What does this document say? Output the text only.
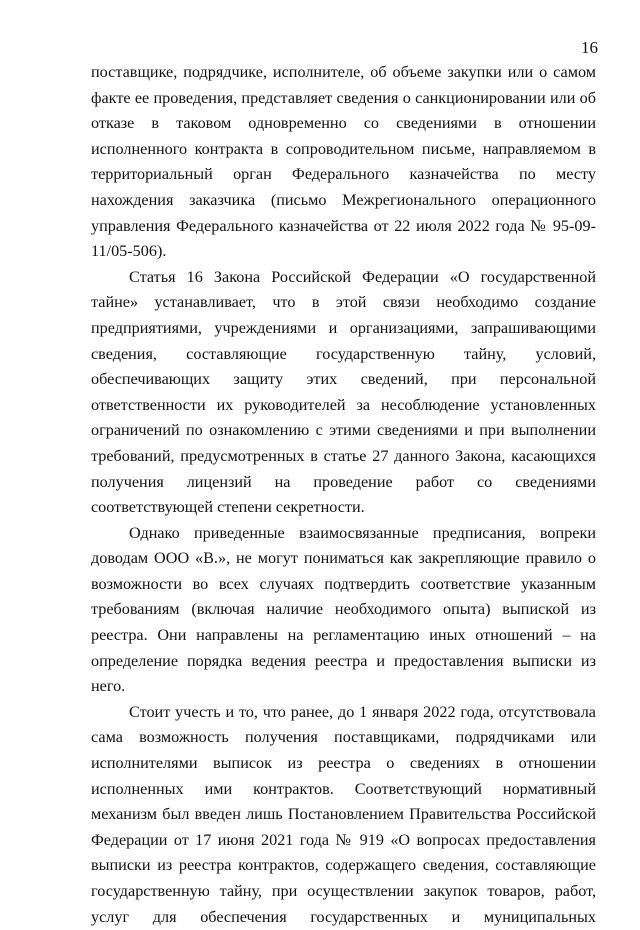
16

поставщике, подрядчике, исполнителе, об объеме закупки или о самом факте ее проведения, представляет сведения о санкционировании или об отказе в таковом одновременно со сведениями в отношении исполненного контракта в сопроводительном письме, направляемом в территориальный орган Федерального казначейства по месту нахождения заказчика (письмо Межрегионального операционного управления Федерального казначейства от 22 июля 2022 года № 95-09-11/05-506).

Статья 16 Закона Российской Федерации «О государственной тайне» устанавливает, что в этой связи необходимо создание предприятиями, учреждениями и организациями, запрашивающими сведения, составляющие государственную тайну, условий, обеспечивающих защиту этих сведений, при персональной ответственности их руководителей за несоблюдение установленных ограничений по ознакомлению с этими сведениями и при выполнении требований, предусмотренных в статье 27 данного Закона, касающихся получения лицензий на проведение работ со сведениями соответствующей степени секретности.

Однако приведенные взаимосвязанные предписания, вопреки доводам ООО «В.», не могут пониматься как закрепляющие правило о возможности во всех случаях подтвердить соответствие указанным требованиям (включая наличие необходимого опыта) выпиской из реестра. Они направлены на регламентацию иных отношений – на определение порядка ведения реестра и предоставления выписки из него.

Стоит учесть и то, что ранее, до 1 января 2022 года, отсутствовала сама возможность получения поставщиками, подрядчиками или исполнителями выписок из реестра о сведениях в отношении исполненных ими контрактов. Соответствующий нормативный механизм был введен лишь Постановлением Правительства Российской Федерации от 17 июня 2021 года № 919 «О вопросах предоставления выписки из реестра контрактов, содержащего сведения, составляющие государственную тайну, при осуществлении закупок товаров, работ, услуг для обеспечения государственных и муниципальных
